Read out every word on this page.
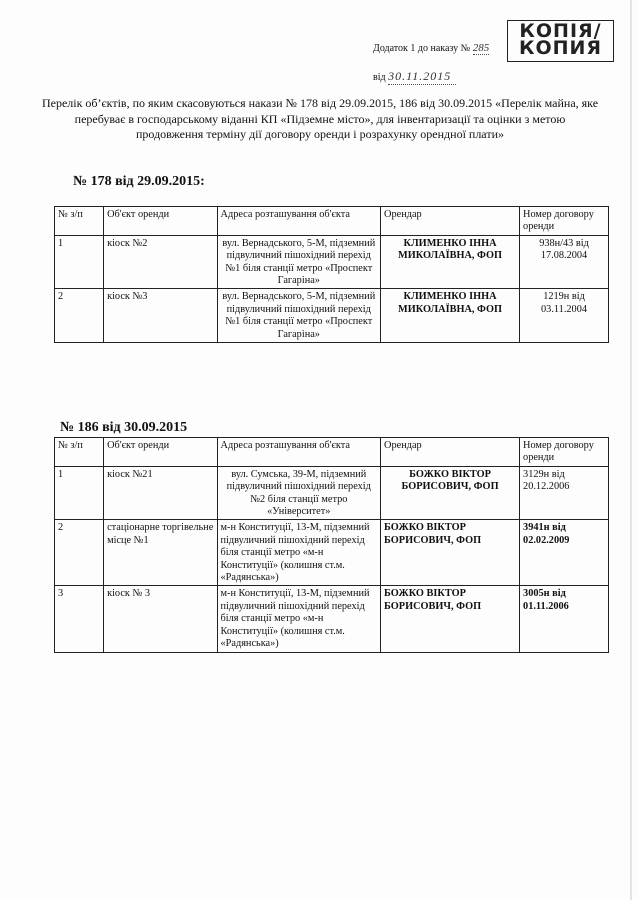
Додаток 1 до наказу № 285
від 30.11.2015
КОПІЯ/
КОПИЯ
Перелік об’єктів, по яким скасовуються накази № 178 від 29.09.2015, 186 від 30.09.2015 «Перелік майна, яке перебуває в господарському віданні КП «Підземне місто», для інвентаризації та оцінки з метою продовження терміну дії договору оренди і розрахунку орендної плати»
№ 178 від 29.09.2015:
№ з/п	Об'єкт оренди	Адреса розташування об'єкта	Орендар	Номер договору оренди
1	кіоск №2	вул. Вернадського, 5-М, підземний підвуличний пішохідний перехід №1 біля станції метро «Проспект Гагаріна»	КЛИМЕНКО ІННА МИКОЛАЇВНА, ФОП	938н/43 від 17.08.2004
2	кіоск №3	вул. Вернадського, 5-М, підземний підвуличний пішохідний перехід №1 біля станції метро «Проспект Гагаріна»	КЛИМЕНКО ІННА МИКОЛАЇВНА, ФОП	1219н від 03.11.2004
№ 186 від 30.09.2015
№ з/п	Об'єкт оренди	Адреса розташування об'єкта	Орендар	Номер договору оренди
1	кіоск №21	вул. Сумська, 39-М, підземний підвуличний пішохідний перехід №2 біля станції метро «Університет»	БОЖКО ВІКТОР БОРИСОВИЧ, ФОП	3129н від 20.12.2006
2	стаціонарне торгівельне місце №1	м-н Конституції, 13-М, підземний підвуличний пішохідний перехід біля станції метро «м-н Конституції» (колишня ст.м. «Радянська»)	БОЖКО ВІКТОР БОРИСОВИЧ, ФОП	3941н від 02.02.2009
3	кіоск № 3	м-н Конституції, 13-М, підземний підвуличний пішохідний перехід біля станції метро «м-н Конституції» (колишня ст.м. «Радянська»)	БОЖКО ВІКТОР БОРИСОВИЧ, ФОП	3005н від 01.11.2006
